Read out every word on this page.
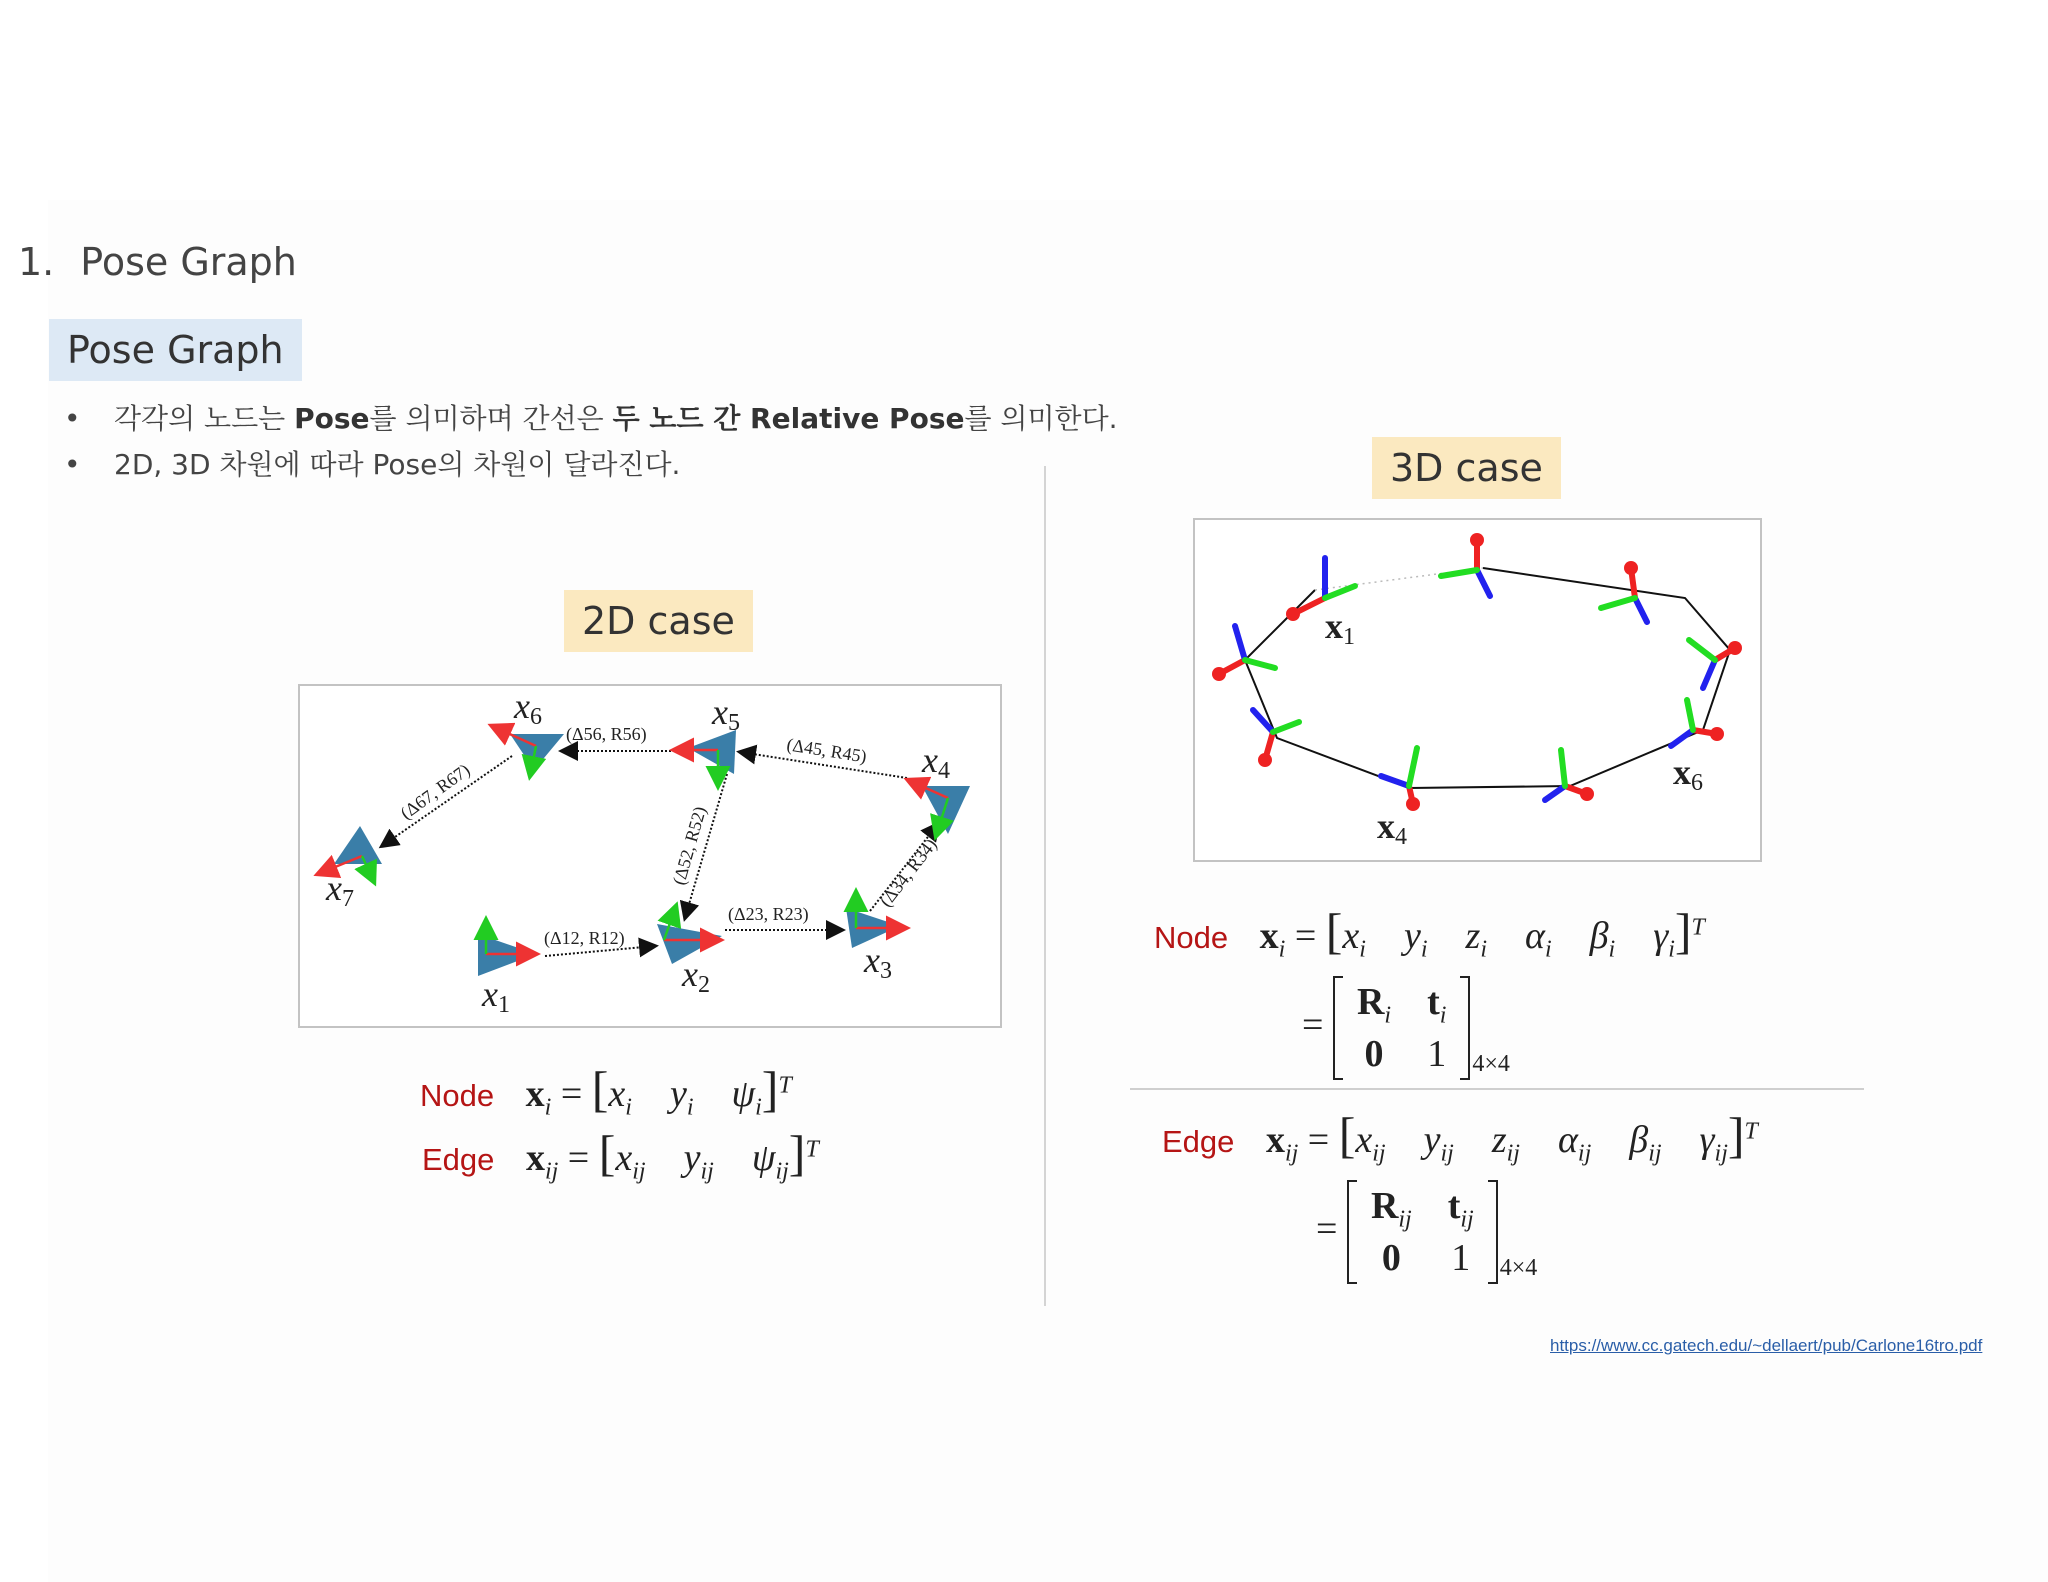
1. Pose Graph
Pose Graph
• 각각의 노드는 Pose를 의미하며 간선은 두 노드 간 Relative Pose를 의미한다.
• 2D, 3D 차원에 따라 Pose의 차원이 달라진다.
2D case
x1
x2
x3
x4
x5
x6
x7
(Δ12, R12)
(Δ23, R23)
(Δ34, R34)
(Δ45, R45)
(Δ52, R52)
(Δ56, R56)
(Δ67, R67)
Node $x_i = [x_i$ $y_i$ $\psi_i]^T$
Edge $x_{ij} = [x_{ij}$ $y_{ij}$ $\psi_{ij}]^T$
3D case
x1
x4
x6
Node $x_i = [x_i$ $y_i$ $z_i$ $\alpha_i$ $\beta_i$ $\gamma_i]^T$
=
$R_i$ $t_i$
0 1 $_{4\times 4}$
Edge $x_{ij} = [x_{ij}$ $y_{ij}$ $z_{ij}$ $\alpha_{ij}$ $\beta_{ij}$ $\gamma_{ij}]^T$
=
$R_{ij}$ $t_{ij}$
0 1 $_{4\times 4}$
https://www.cc.gatech.edu/~dellaert/pub/Carlone16tro.pdf
